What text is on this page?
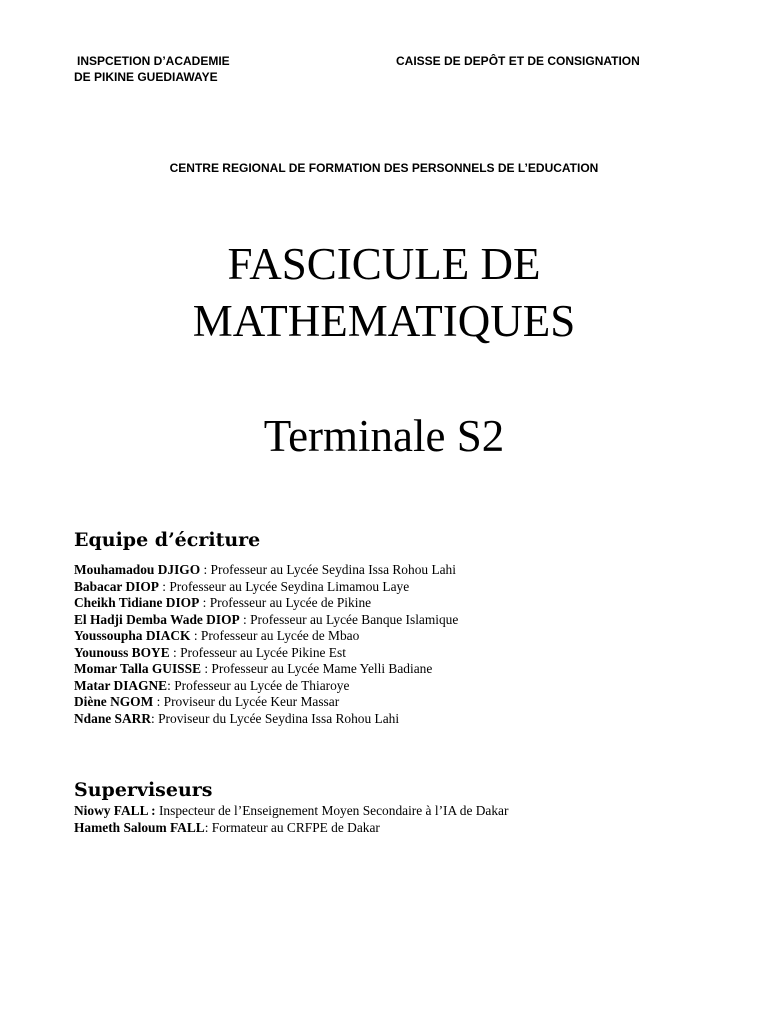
INSPCETION D’ACADEMIE
DE PIKINE GUEDIAWAYE
CAISSE DE DEPÔT ET DE CONSIGNATION
CENTRE REGIONAL DE FORMATION DES PERSONNELS DE L’EDUCATION
FASCICULE DE
MATHEMATIQUES
Terminale S2
Equipe d’écriture
Mouhamadou DJIGO : Professeur au Lycée Seydina Issa Rohou Lahi
Babacar DIOP : Professeur au Lycée Seydina Limamou Laye
Cheikh Tidiane DIOP : Professeur au Lycée de Pikine
El Hadji Demba Wade DIOP : Professeur au Lycée Banque Islamique
Youssoupha DIACK : Professeur au Lycée de Mbao
Younouss BOYE : Professeur au Lycée Pikine Est
Momar Talla GUISSE : Professeur au Lycée Mame Yelli Badiane
Matar DIAGNE: Professeur au Lycée de Thiaroye
Diène NGOM : Proviseur du Lycée Keur Massar
Ndane SARR: Proviseur du Lycée Seydina Issa Rohou Lahi
Superviseurs
Niowy FALL : Inspecteur de l’Enseignement Moyen Secondaire à l’IA de Dakar
Hameth Saloum FALL: Formateur au CRFPE de Dakar
